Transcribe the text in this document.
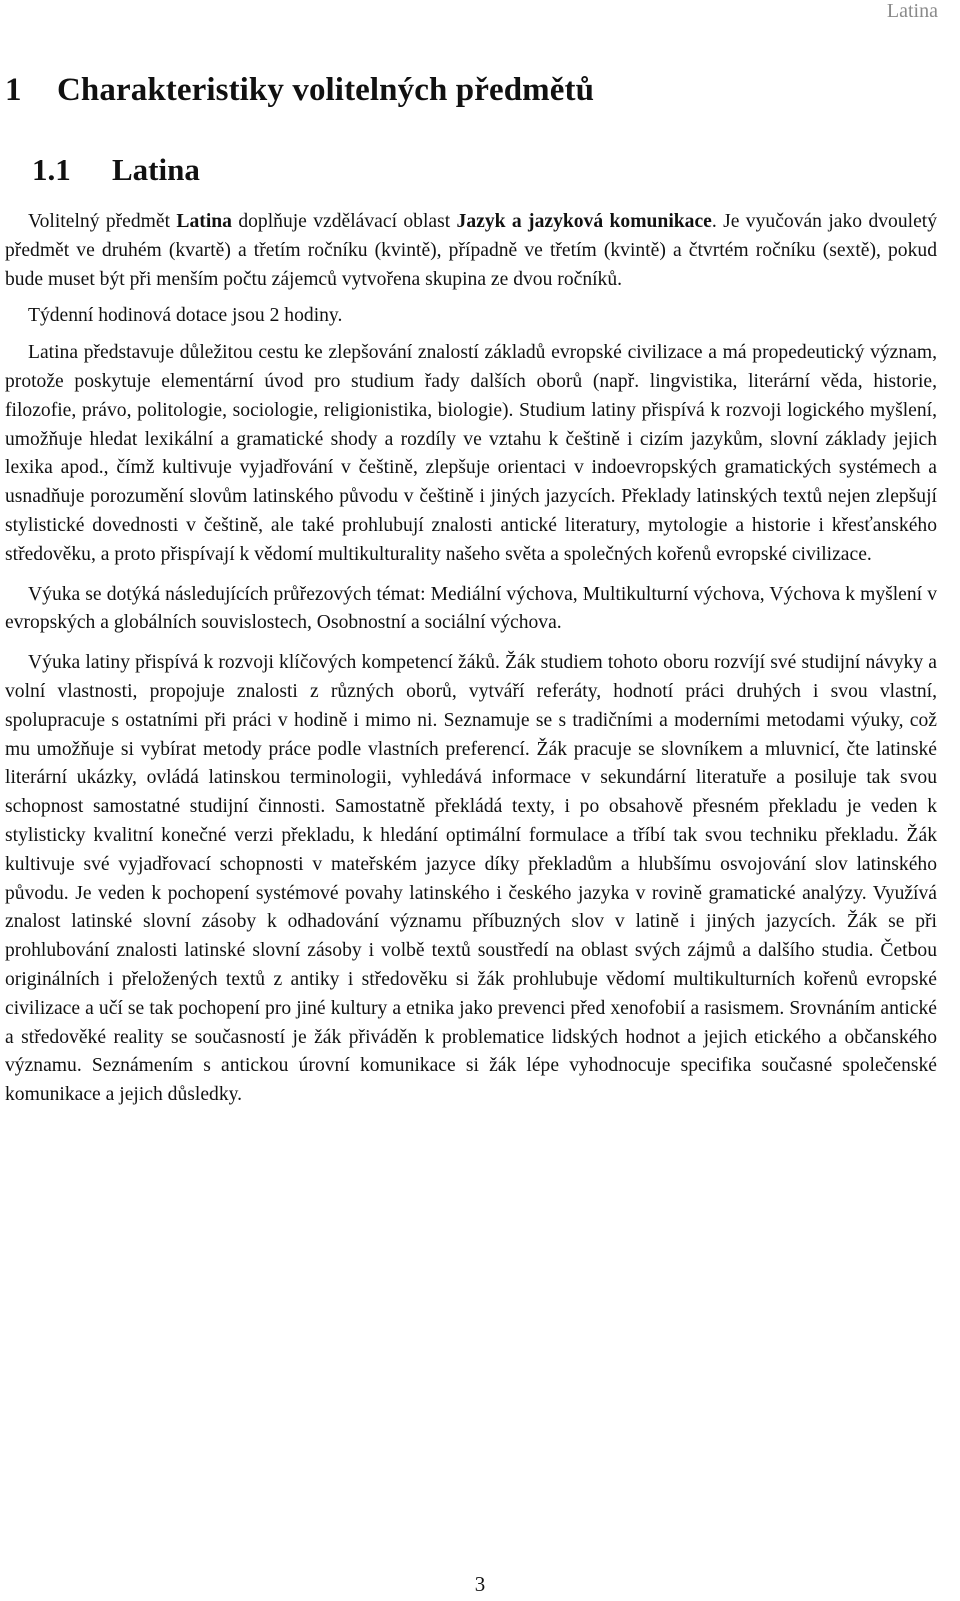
Latina
1 Charakteristiky volitelných předmětů
1.1 Latina

Volitelný předmět Latina doplňuje vzdělávací oblast Jazyk a jazyková komunikace. Je vyučován jako dvouletý předmět ve druhém (kvartě) a třetím ročníku (kvintě), případně ve třetím (kvintě) a čtvrtém ročníku (sextě), pokud bude muset být při menším počtu zájemců vytvořena skupina ze dvou ročníků.

Týdenní hodinová dotace jsou 2 hodiny.

Latina představuje důležitou cestu ke zlepšování znalostí základů evropské civilizace a má propedeutický význam, protože poskytuje elementární úvod pro studium řady dalších oborů (např. lingvistika, literární věda, historie, filozofie, právo, politologie, sociologie, religionistika, biologie). Studium latiny přispívá k rozvoji logického myšlení, umožňuje hledat lexikální a gramatické shody a rozdíly ve vztahu k češtině i cizím jazykům, slovní základy jejich lexika apod., čímž kultivuje vyjadřování v češtině, zlepšuje orientaci v indoevropských gramatických systémech a usnadňuje porozumění slovům latinského původu v češtině i jiných jazycích. Překlady latinských textů nejen zlepšují stylistické dovednosti v češtině, ale také prohlubují znalosti antické literatury, mytologie a historie i křesťanského středověku, a proto přispívají k vědomí multikulturality našeho světa a společných kořenů evropské civilizace.

Výuka se dotýká následujících průřezových témat: Mediální výchova, Multikulturní výchova, Výchova k myšlení v evropských a globálních souvislostech, Osobnostní a sociální výchova.

Výuka latiny přispívá k rozvoji klíčových kompetencí žáků. Žák studiem tohoto oboru rozvíjí své studijní návyky a volní vlastnosti, propojuje znalosti z různých oborů, vytváří referáty, hodnotí práci druhých i svou vlastní, spolupracuje s ostatními při práci v hodině i mimo ni. Seznamuje se s tradičními a moderními metodami výuky, což mu umožňuje si vybírat metody práce podle vlastních preferencí. Žák pracuje se slovníkem a mluvnicí, čte latinské literární ukázky, ovládá latinskou terminologii, vyhledává informace v sekundární literatuře a posiluje tak svou schopnost samostatné studijní činnosti. Samostatně překládá texty, i po obsahově přesném překladu je veden k stylisticky kvalitní konečné verzi překladu, k hledání optimální formulace a tříbí tak svou techniku překladu. Žák kultivuje své vyjadřovací schopnosti v mateřském jazyce díky překladům a hlubšímu osvojování slov latinského původu. Je veden k pochopení systémové povahy latinského i českého jazyka v rovině gramatické analýzy. Využívá znalost latinské slovní zásoby k odhadování významu příbuzných slov v latině i jiných jazycích. Žák se při prohlubování znalosti latinské slovní zásoby i volbě textů soustředí na oblast svých zájmů a dalšího studia. Četbou originálních i přeložených textů z antiky i středověku si žák prohlubuje vědomí multikulturních kořenů evropské civilizace a učí se tak pochopení pro jiné kultury a etnika jako prevenci před xenofobií a rasismem. Srovnáním antické a středověké reality se současností je žák přiváděn k problematice lidských hodnot a jejich etického a občanského významu. Seznámením s antickou úrovní komunikace si žák lépe vyhodnocuje specifika současné společenské komunikace a jejich důsledky.

3
